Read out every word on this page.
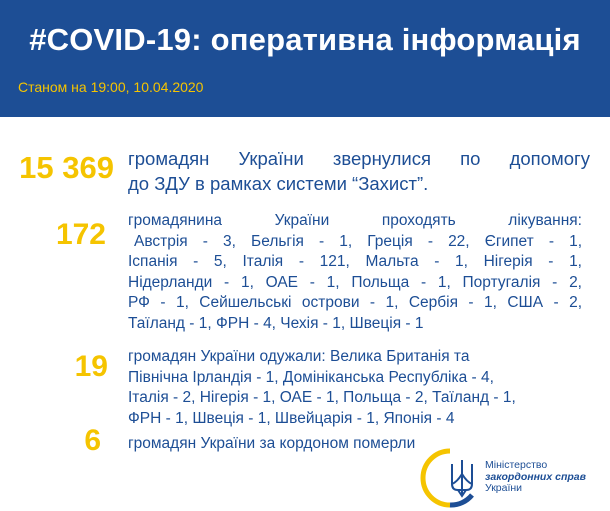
#COVID-19: оперативна інформація
Станом на 19:00, 10.04.2020
15 369 громадян України звернулися по допомогу
до ЗДУ в рамках системи “Захист”.
172 громадянина України проходять лікування:
Австрія - 3, Бельгія - 1, Греція - 22, Єгипет - 1,
Іспанія - 5, Італія - 121, Мальта - 1, Нігерія - 1,
Нідерланди - 1, ОАЕ - 1, Польща - 1, Португалія - 2,
РФ - 1, Сейшельські острови - 1, Сербія - 1, США - 2,
Таїланд - 1, ФРН - 4, Чехія - 1, Швеція - 1
19 громадян України одужали: Велика Британія та
Північна Ірландія - 1, Домініканська Республіка - 4,
Італія - 2, Нігерія - 1, ОАЕ - 1, Польща - 2, Таїланд - 1,
ФРН - 1, Швеція - 1, Швейцарія - 1, Японія - 4
6 громадян України за кордоном померли
Міністерство
закордонних справ
України
